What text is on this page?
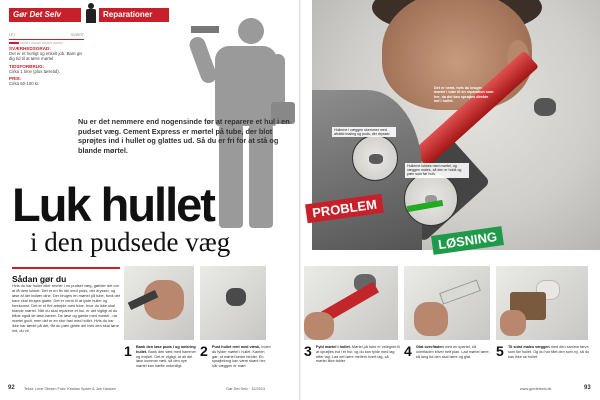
Gør Det Selv	Reparationer
LET	SVÆRT
SVÆRHEDSGRAD:
Det er et hurtigt og enkelt job. Bare giv dig tid til at tørre mørtel.
TIDSFORBRUG:
Cirka 1 time (plus tørretid).
PRIS:
Cirka 50-100 kr.
Nu er det nemmere end nogensinde før at reparere et hul i en pudset væg. Cement Express er mørtel på tube, der blot sprøjtes ind i hullet og glattes ud. Så du er fri for at stå og blande mørtel.
Luk hullet
i den pudsede væg
Det er nemt, hvis du bruger mørtel i tube til en reparation som her, da det kan sprøjtes direkte ind i hullet.
Hullerne i væggen skemmer med afslidd maling og puds, der drysser.
PROBLEM
Hullerne lukkes med mørtel, og væggen males, så den er holdt og pæn som før huls.
LØSNING
Sådan gør du
Hvis du har huller eller revner i en pudset væg, gælder det om at få dem lukket. Det er en fin ide med puds, der drysser, og løse af det indtær dine. Der bruges en mørtel på tube, fordi det bare skal bruges glatte. Det er nemt til at lyste huller og forekomst. Det er et fint arbejde med tube, hvor du ikke skal blande mørtel. Når du skal reparere et hul, er det vigtigt at du både også de løse kanter. De løse og gamle med mørtel - da mørtel godt, men det er en stor fast med hullet. Hvis du har ikke har tænkt på det, får du pæn glatte del hvis den skal tørre ind, du vil.
1 Bank den løse puds i og omkring hullet. Bank den væk med hammer og mejsel. Det er vigtigt, at alt det løse kommer væk, så den nye mørtel kan hæfte ordentligt.
2 Pust hullet rent med væsk, inden du fylder mørtel i hullet. Kanten gør, at mørtel bedre binder. En sprøjtebrug kan være skønt her, når væggen er mørt.
3 Fyld mørtel i hullet. Mørtel på tube er velegnet til at sprøjtes ind i et hul, og du kan fylde med lag efter lag. Lad det tørre mellem hvert lag, så mørtel ikke falder.
4 Glat overfladen med en spartel, så overfladen bliver helt plan. Lad mørtel tørre, så lang tid den skal tørre og glat.	5 Til sidst males væggen med den samme farve som før hullet. Og du har fået den som ny, så du kan ikke se hullet.
92 Tekst: Lene Olesen Foto: Kristian Spahr & Jan Hansen	Gør Det Selv · 12/2013	www.gordetselv.dk	93
